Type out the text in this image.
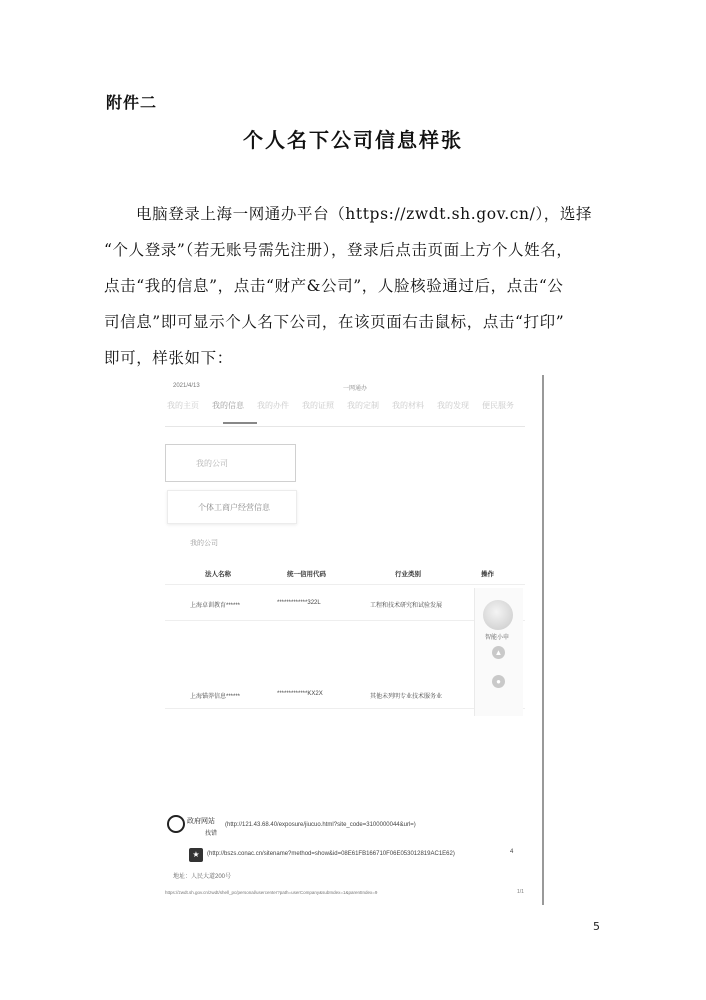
附件二
个人名下公司信息样张

电脑登录上海一网通办平台（https://zwdt.sh.gov.cn/），选择

“个人登录”（若无账号需先注册），登录后点击页面上方个人姓名，

点击“我的信息”，点击“财产&公司”，人脸核验通过后，点击“公

司信息”即可显示个人名下公司，在该页面右击鼠标，点击“打印”

即可，样张如下：

2021/4/13	一网通办
我的主页 我的信息 我的办件 我的证照 我的定制 我的材料 我的发现 便民服务
我的公司
个体工商户经营信息
我的公司
法人名称	统一信用代码	行业类别	操作
上海卓训教育******	*************322L	工程和技术研究和试验发展
上海锚莽信息******	*************KX2X	其他未列明专业技术服务业
智能小申
▲
●
政府网站
找错
(http://121.43.68.40/exposure/jiucuo.html?site_code=3100000044&url=)
★	(http://bszs.conac.cn/sitename?method=show&id=08E61FB166710F06E053012819AC1E62)	4
地址：人民大道200号
https://zwdt.sh.gov.cn/zwdt/shell_pc/personal/usercenter?path=userCompany&subIndex=1&parentIndex=9	1/1
5
